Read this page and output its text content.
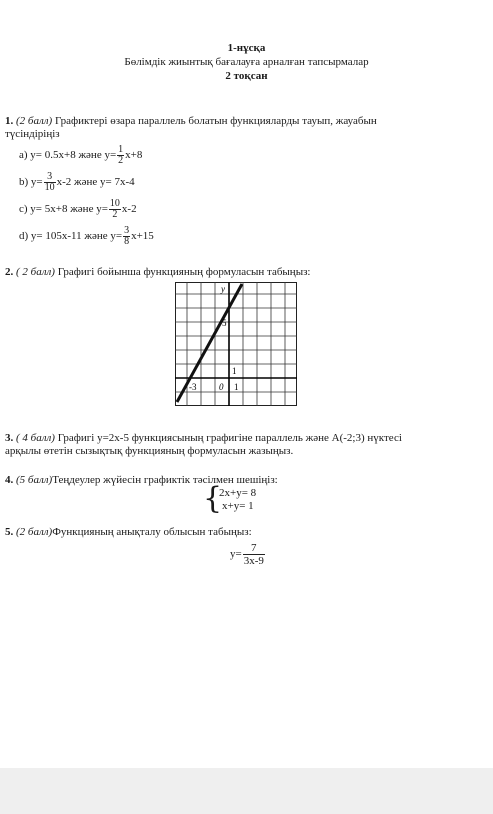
1-нұсқа
Бөлімдік жиынтық бағалауға арналған тапсырмалар
2 тоқсан
1. (2 балл) Графиктері өзара параллель болатын функцияларды тауып, жауабын
түсіндіріңіз
a) y= 0.5x+8 және $y= \frac{1}{2} x+8$
b) $y= \frac{3}{10} x-2$ және y= 7x-4
c) y= 5x+8 және $y= \frac{10}{2} x-2$
d) y= 105x-11 және $y= \frac{3}{8} x+15$
2. ( 2 балл) Графигі бойынша функцияның формуласын табыңыз:
y
5
1
-3	0 1
3. ( 4 балл) Графигі y=2x-5 функциясының графигіне параллель және A(-2;3) нүктесі
арқылы өтетін сызықтық функцияның формуласын жазыңыз.
4. (5 балл)Теңдеулер жүйесін графиктік тәсілмен шешіңіз:
{
2x+y= 8
x+y= 1
5. (2 балл)Функцияның анықталу облысын табыңыз:
$y= \frac{7}{3x-9}$
